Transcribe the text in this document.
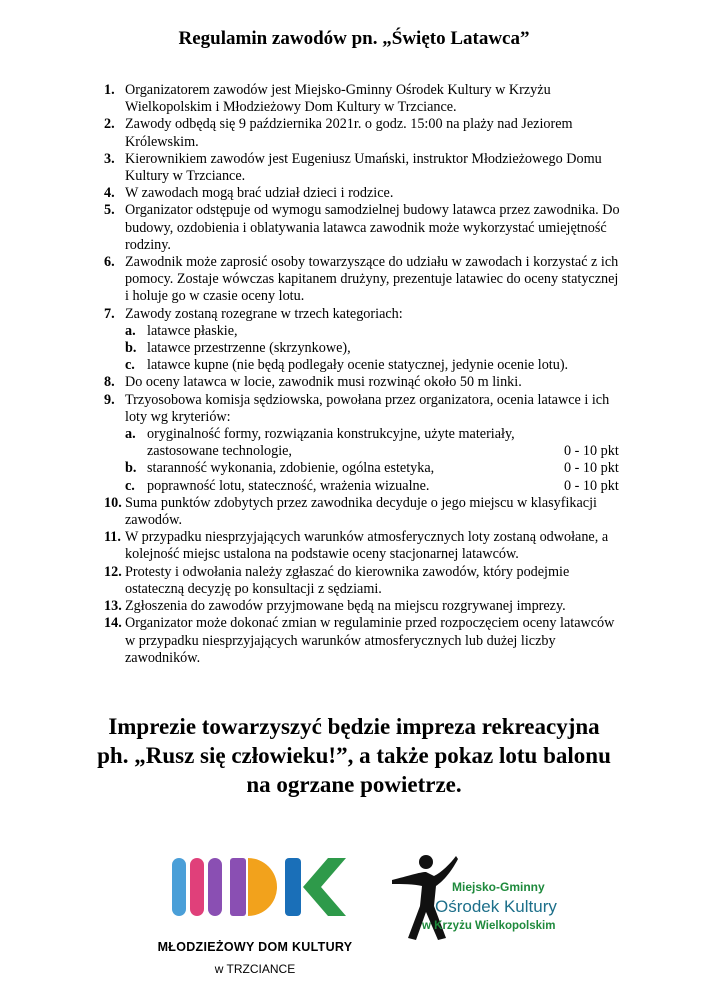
Regulamin zawodów pn. „Święto Latawca”
1. Organizatorem zawodów jest Miejsko-Gminny Ośrodek Kultury w Krzyżu Wielkopolskim i Młodzieżowy Dom Kultury w Trzciance.
2. Zawody odbędą się 9 października 2021r. o godz. 15:00 na plaży nad Jeziorem Królewskim.
3. Kierownikiem zawodów jest Eugeniusz Umański, instruktor Młodzieżowego Domu Kultury w Trzciance.
4. W zawodach mogą brać udział dzieci i rodzice.
5. Organizator odstępuje od wymogu samodzielnej budowy latawca przez zawodnika. Do budowy, ozdobienia i oblatywania latawca zawodnik może wykorzystać umiejętność rodziny.
6. Zawodnik może zaprosić osoby towarzyszące do udziału w zawodach i korzystać z ich pomocy. Zostaje wówczas kapitanem drużyny, prezentuje latawiec do oceny statycznej i holuje go w czasie oceny lotu.
7. Zawody zostaną rozegrane w trzech kategoriach:
a. latawce płaskie,
b. latawce przestrzenne (skrzynkowe),
c. latawce kupne (nie będą podlegały ocenie statycznej, jedynie ocenie lotu).
8. Do oceny latawca w locie, zawodnik musi rozwinąć około 50 m linki.
9. Trzyosobowa komisja sędziowska, powołana przez organizatora, ocenia latawce i ich loty wg kryteriów:
a. oryginalność formy, rozwiązania konstrukcyjne, użyte materiały,
zastosowane technologie,	0 - 10 pkt
b. staranność wykonania, zdobienie, ogólna estetyka,	0 - 10 pkt
c. poprawność lotu, stateczność, wrażenia wizualne.	0 - 10 pkt
10. Suma punktów zdobytych przez zawodnika decyduje o jego miejscu w klasyfikacji zawodów.
11. W przypadku niesprzyjających warunków atmosferycznych loty zostaną odwołane, a kolejność miejsc ustalona na podstawie oceny stacjonarnej latawców.
12. Protesty i odwołania należy zgłaszać do kierownika zawodów, który podejmie ostateczną decyzję po konsultacji z sędziami.
13. Zgłoszenia do zawodów przyjmowane będą na miejscu rozgrywanej imprezy.
14. Organizator może dokonać zmian w regulaminie przed rozpoczęciem oceny latawców w przypadku niesprzyjających warunków atmosferycznych lub dużej liczby zawodników.
Imprezie towarzyszyć będzie impreza rekreacyjna
ph. „Rusz się człowieku!”, a także pokaz lotu balonu
na ogrzane powietrze.
MŁODZIEŻOWY DOM KULTURY
w TRZCIANCE
Miejsko-Gminny
Ośrodek Kultury
w Krzyżu Wielkopolskim
